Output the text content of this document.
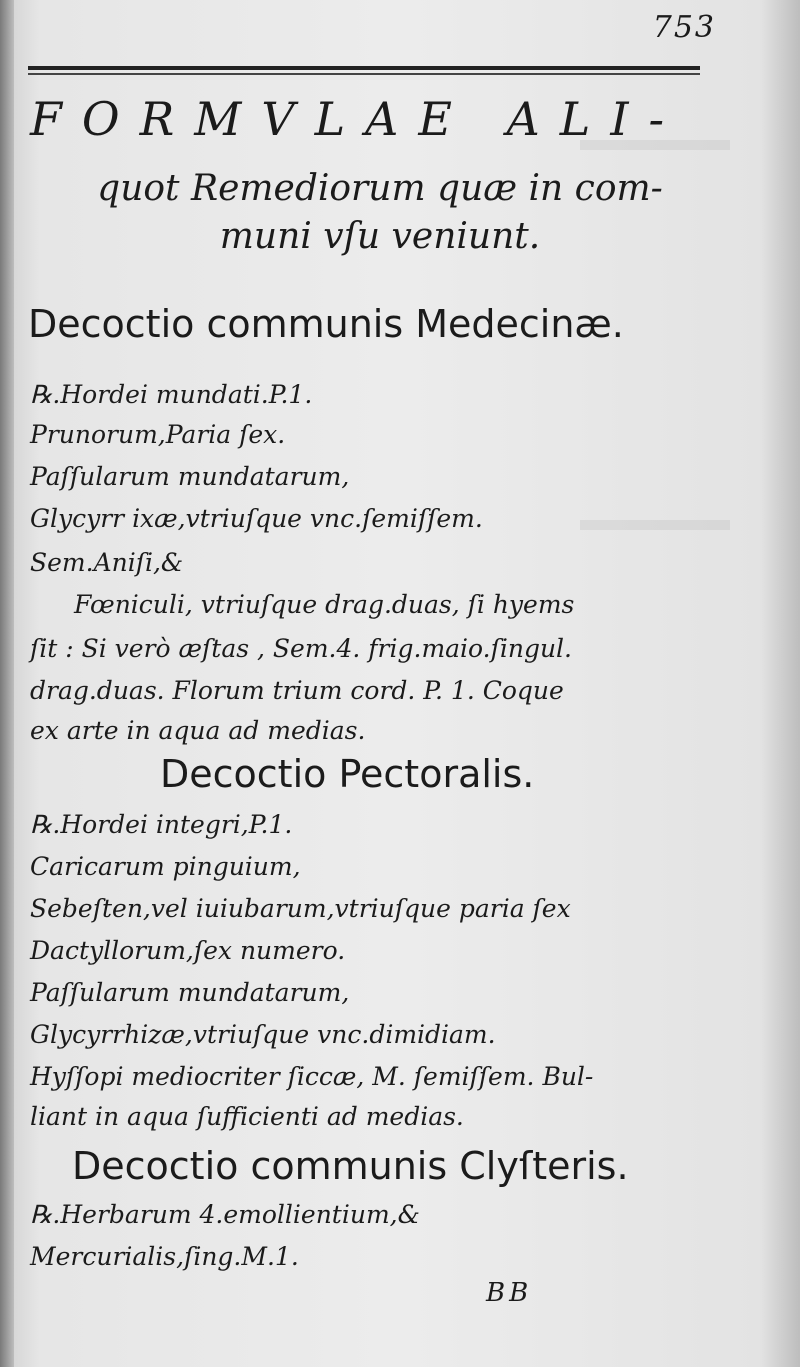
753
FORMVLAE ALI-
quot Remediorum quæ in com-
muni vſu veniunt.
Decoctio communis Medecinæ.
℞.Hordei mundati.P.1.
Prunorum,Paria ſex.
Paſſularum mundatarum,
Glycyrr ixæ,vtriuſque vnc.ſemiſſem.
Sem.Aniſi,&
Fœniculi, vtriuſque drag.duas, ſi hyems
ſit : Si verò æſtas , Sem.4. frig.maio.ſingul.
drag.duas. Florum trium cord. P. 1. Coque
ex arte in aqua ad medias.
Decoctio Pectoralis.
℞.Hordei integri,P.1.
Caricarum pinguium,
Sebeſten,vel iuiubarum,vtriuſque paria ſex
Dactyllorum,ſex numero.
Paſſularum mundatarum,
Glycyrrhizæ,vtriuſque vnc.dimidiam.
Hyſſopi mediocriter ſiccæ, M. ſemiſſem. Bul-
liant in aqua ſufficienti ad medias.
Decoctio communis Clyſteris.
℞.Herbarum 4.emollientium,&
Mercurialis,ſing.M.1.
BB
